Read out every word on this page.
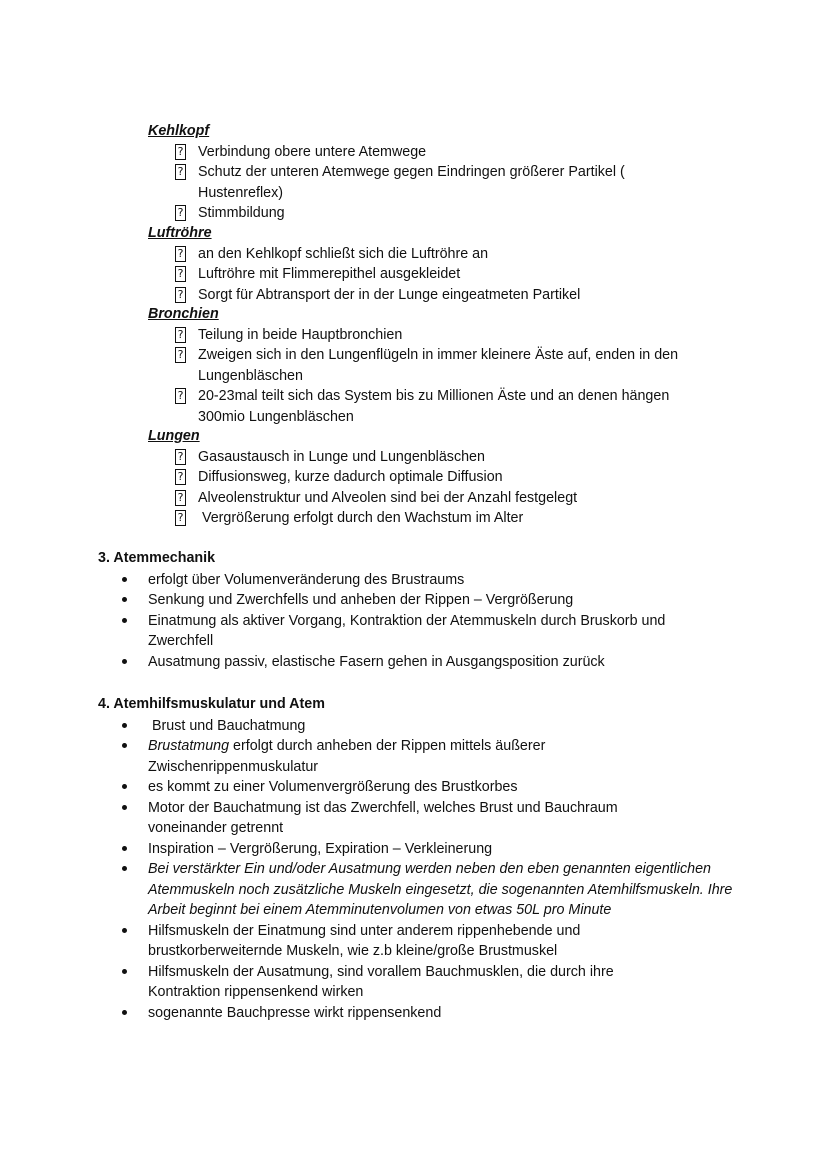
Kehlkopf

? Verbindung obere untere Atemwege
? Schutz der unteren Atemwege gegen Eindringen größerer Partikel ( Hustenreflex)
? Stimmbildung

Luftröhre

? an den Kehlkopf schließt sich die Luftröhre an
? Luftröhre mit Flimmerepithel ausgekleidet
? Sorgt für Abtransport der in der Lunge eingeatmeten Partikel

Bronchien

? Teilung in beide Hauptbronchien
? Zweigen sich in den Lungenflügeln in immer kleinere Äste auf, enden in den Lungenbläschen
? 20-23mal teilt sich das System bis zu Millionen Äste und an denen hängen 300mio Lungenbläschen

Lungen

? Gasaustausch in Lunge und Lungenbläschen
? Diffusionsweg, kurze dadurch optimale Diffusion
? Alveolenstruktur und Alveolen sind bei der Anzahl festgelegt
? Vergrößerung erfolgt durch den Wachstum im Alter

3. Atemmechanik

erfolgt über Volumenveränderung des Brustraums
Senkung und Zwerchfells und anheben der Rippen – Vergrößerung
Einatmung als aktiver Vorgang, Kontraktion der Atemmuskeln durch Bruskorb und Zwerchfell
Ausatmung passiv, elastische Fasern gehen in Ausgangsposition zurück

4. Atemhilfsmuskulatur und Atem

Brust und Bauchatmung
Brustatmung erfolgt durch anheben der Rippen mittels äußerer Zwischenrippenmuskulatur
es kommt zu einer Volumenvergrößerung des Brustkorbes
Motor der Bauchatmung ist das Zwerchfell, welches Brust und Bauchraum voneinander getrennt
Inspiration – Vergrößerung, Expiration – Verkleinerung
Bei verstärkter Ein und/oder Ausatmung werden neben den eben genannten eigentlichen Atemmuskeln noch zusätzliche Muskeln eingesetzt, die sogenannten Atemhilfsmuskeln. Ihre Arbeit beginnt bei einem Atemminutenvolumen von etwas 50L pro Minute
Hilfsmuskeln der Einatmung sind unter anderem rippenhebende und brustkorberweiternde Muskeln, wie z.b kleine/große Brustmuskel
Hilfsmuskeln der Ausatmung, sind vorallem Bauchmusklen, die durch ihre Kontraktion rippensenkend wirken
sogenannte Bauchpresse wirkt rippensenkend
